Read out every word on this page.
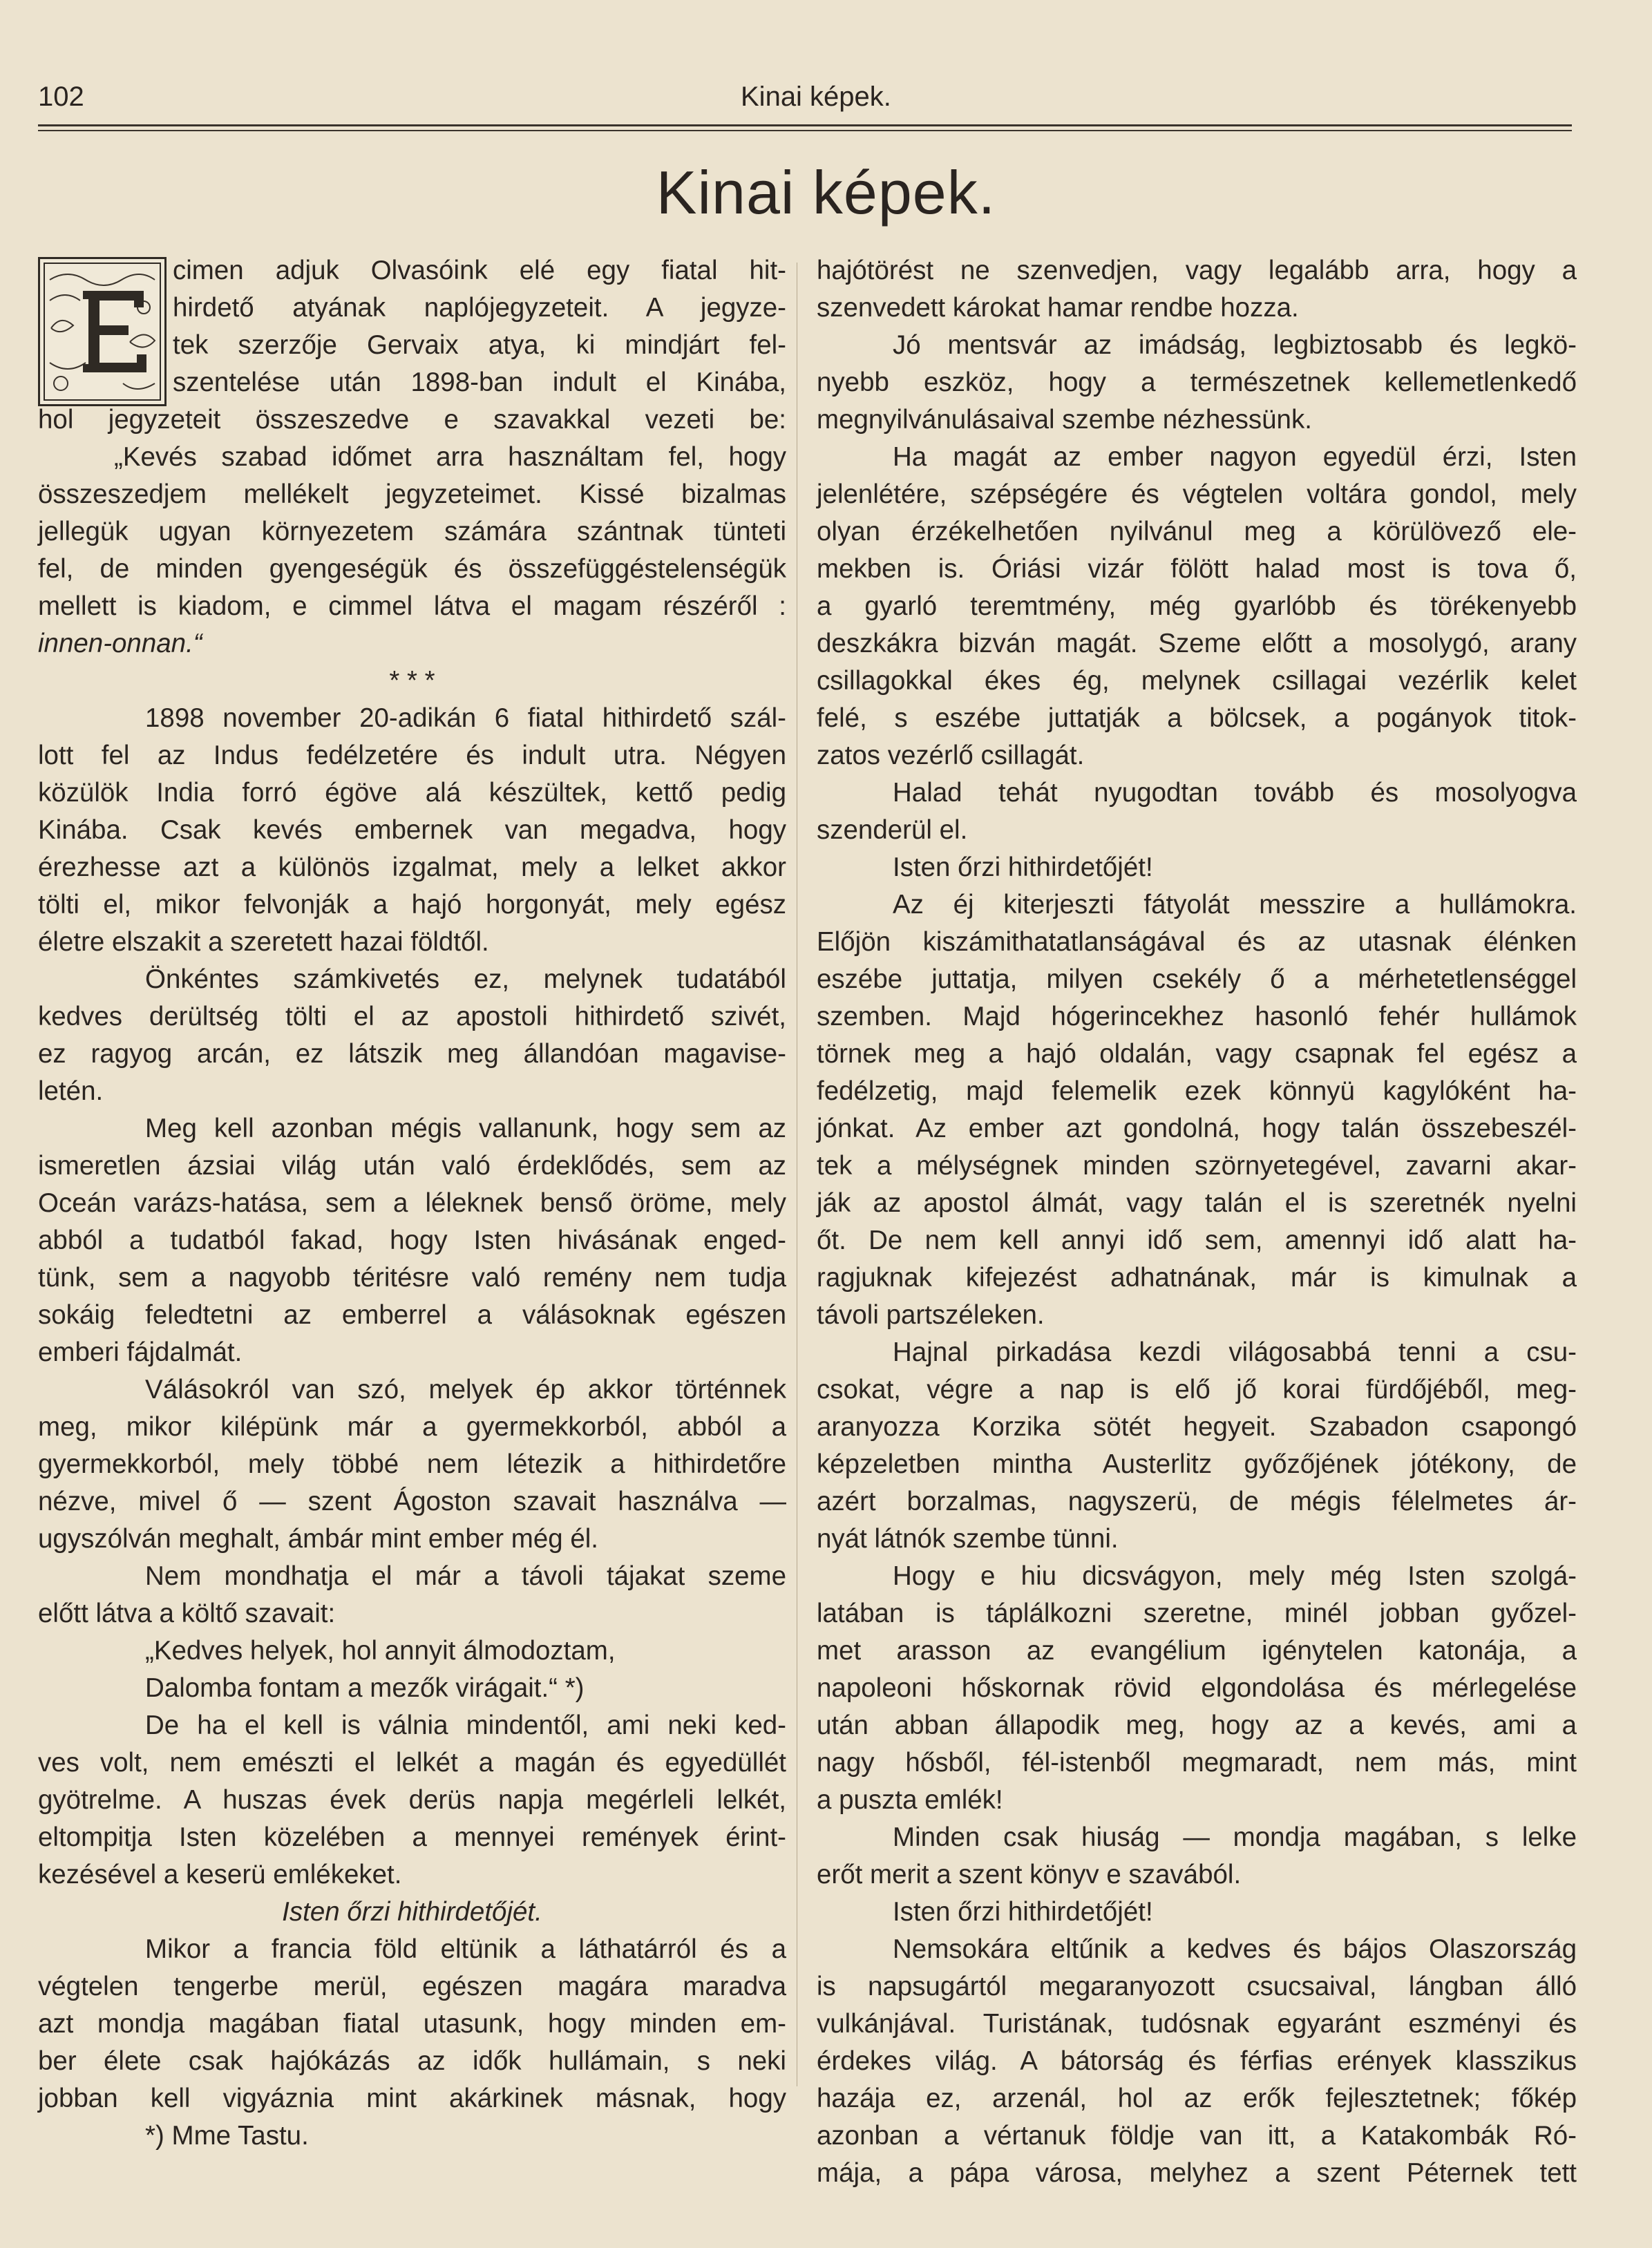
102	Kinai képek.
Kinai képek.
cimen adjuk Olvasóink elé egy fiatal hit-
hirdető atyának naplójegyzeteit. A jegyze-
tek szerzője Gervaix atya, ki mindjárt fel-
szentelése után 1898-ban indult el Kinába,
hol jegyzeteit összeszedve e szavakkal vezeti be:
„Kevés szabad időmet arra használtam fel, hogy
összeszedjem mellékelt jegyzeteimet. Kissé bizalmas
jellegük ugyan környezetem számára szántnak tünteti
fel, de minden gyengeségük és összefüggéstelenségük
mellett is kiadom, e cimmel látva el magam részéről :
innen-onnan.“
* * *
1898 november 20-adikán 6 fiatal hithirdető szál-
lott fel az Indus fedélzetére és indult utra. Négyen
közülök India forró égöve alá készültek, kettő pedig
Kinába. Csak kevés embernek van megadva, hogy
érezhesse azt a különös izgalmat, mely a lelket akkor
tölti el, mikor felvonják a hajó horgonyát, mely egész
életre elszakit a szeretett hazai földtől.
Önkéntes számkivetés ez, melynek tudatából
kedves derültség tölti el az apostoli hithirdető szivét,
ez ragyog arcán, ez látszik meg állandóan magavise-
letén.
Meg kell azonban mégis vallanunk, hogy sem az
ismeretlen ázsiai világ után való érdeklődés, sem az
Oceán varázs-hatása, sem a léleknek benső öröme, mely
abból a tudatból fakad, hogy Isten hivásának enged-
tünk, sem a nagyobb téritésre való remény nem tudja
sokáig feledtetni az emberrel a válásoknak egészen
emberi fájdalmát.
Válásokról van szó, melyek ép akkor történnek
meg, mikor kilépünk már a gyermekkorból, abból a
gyermekkorból, mely többé nem létezik a hithirdetőre
nézve, mivel ő — szent Ágoston szavait használva —
ugyszólván meghalt, ámbár mint ember még él.
Nem mondhatja el már a távoli tájakat szeme
előtt látva a költő szavait:
„Kedves helyek, hol annyit álmodoztam,
Dalomba fontam a mezők virágait.“ *)
De ha el kell is válnia mindentől, ami neki ked-
ves volt, nem emészti el lelkét a magán és egyedüllét
gyötrelme. A huszas évek derüs napja megérleli lelkét,
eltompitja Isten közelében a mennyei remények érint-
kezésével a keserü emlékeket.
Isten őrzi hithirdetőjét.
Mikor a francia föld eltünik a láthatárról és a
végtelen tengerbe merül, egészen magára maradva
azt mondja magában fiatal utasunk, hogy minden em-
ber élete csak hajókázás az idők hullámain, s neki
jobban kell vigyáznia mint akárkinek másnak, hogy
*) Mme Tastu.
hajótörést ne szenvedjen, vagy legalább arra, hogy a
szenvedett károkat hamar rendbe hozza.
Jó mentsvár az imádság, legbiztosabb és legkö-
nyebb eszköz, hogy a természetnek kellemetlenkedő
megnyilvánulásaival szembe nézhessünk.
Ha magát az ember nagyon egyedül érzi, Isten
jelenlétére, szépségére és végtelen voltára gondol, mely
olyan érzékelhetően nyilvánul meg a körülövező ele-
mekben is. Óriási vizár fölött halad most is tova ő,
a gyarló teremtmény, még gyarlóbb és törékenyebb
deszkákra bizván magát. Szeme előtt a mosolygó, arany
csillagokkal ékes ég, melynek csillagai vezérlik kelet
felé, s eszébe juttatják a bölcsek, a pogányok titok-
zatos vezérlő csillagát.
Halad tehát nyugodtan tovább és mosolyogva
szenderül el.
Isten őrzi hithirdetőjét!
Az éj kiterjeszti fátyolát messzire a hullámokra.
Előjön kiszámithatatlanságával és az utasnak élénken
eszébe juttatja, milyen csekély ő a mérhetetlenséggel
szemben. Majd hógerincekhez hasonló fehér hullámok
törnek meg a hajó oldalán, vagy csapnak fel egész a
fedélzetig, majd felemelik ezek könnyü kagylóként ha-
jónkat. Az ember azt gondolná, hogy talán összebeszél-
tek a mélységnek minden szörnyetegével, zavarni akar-
ják az apostol álmát, vagy talán el is szeretnék nyelni
őt. De nem kell annyi idő sem, amennyi idő alatt ha-
ragjuknak kifejezést adhatnának, már is kimulnak a
távoli partszéleken.
Hajnal pirkadása kezdi világosabbá tenni a csu-
csokat, végre a nap is elő jő korai fürdőjéből, meg-
aranyozza Korzika sötét hegyeit. Szabadon csapongó
képzeletben mintha Austerlitz győzőjének jótékony, de
azért borzalmas, nagyszerü, de mégis félelmetes ár-
nyát látnók szembe tünni.
Hogy e hiu dicsvágyon, mely még Isten szolgá-
latában is táplálkozni szeretne, minél jobban győzel-
met arasson az evangélium igénytelen katonája, a
napoleoni hőskornak rövid elgondolása és mérlegelése
után abban állapodik meg, hogy az a kevés, ami a
nagy hősből, fél-istenből megmaradt, nem más, mint
a puszta emlék!
Minden csak hiuság — mondja magában, s lelke
erőt merit a szent könyv e szavából.
Isten őrzi hithirdetőjét!
Nemsokára eltűnik a kedves és bájos Olaszország
is napsugártól megaranyozott csucsaival, lángban álló
vulkánjával. Turistának, tudósnak egyaránt eszményi és
érdekes világ. A bátorság és férfias erények klasszikus
hazája ez, arzenál, hol az erők fejlesztetnek; főkép
azonban a vértanuk földje van itt, a Katakombák Ró-
mája, a pápa városa, melyhez a szent Péternek tett
